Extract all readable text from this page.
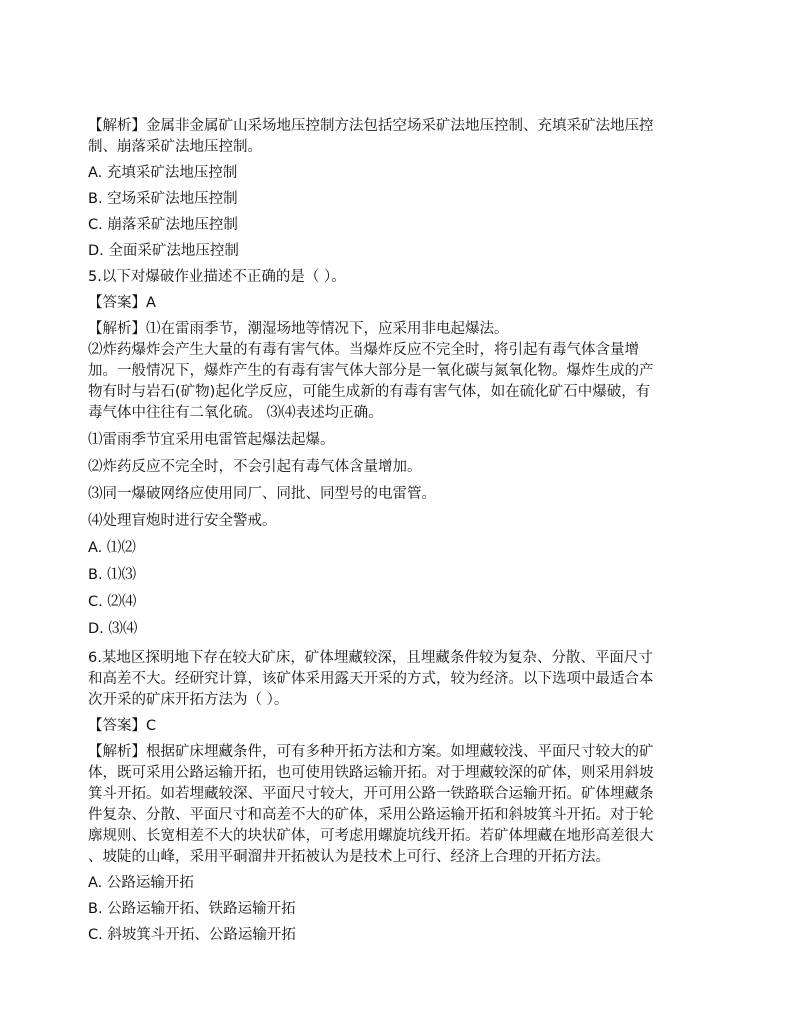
【解析】金属非金属矿山采场地压控制方法包括空场采矿法地压控制、充填采矿法地压控
制、崩落采矿法地压控制。
A. 充填采矿法地压控制
B. 空场采矿法地压控制
C. 崩落采矿法地压控制
D. 全面采矿法地压控制
5.以下对爆破作业描述不正确的是（ ）。
【答案】A
【解析】⑴在雷雨季节，潮湿场地等情况下，应采用非电起爆法。
⑵炸药爆炸会产生大量的有毒有害气体。当爆炸反应不完全时，将引起有毒气体含量增
加。一般情况下，爆炸产生的有毒有害气体大部分是一氧化碳与氮氧化物。爆炸生成的产
物有时与岩石(矿物)起化学反应，可能生成新的有毒有害气体，如在硫化矿石中爆破，有
毒气体中往往有二氧化硫。 ⑶⑷表述均正确。
⑴雷雨季节宜采用电雷管起爆法起爆。
⑵炸药反应不完全时，不会引起有毒气体含量增加。
⑶同一爆破网络应使用同厂、同批、同型号的电雷管。
⑷处理盲炮时进行安全警戒。
A. ⑴⑵
B. ⑴⑶
C. ⑵⑷
D. ⑶⑷
6.某地区探明地下存在较大矿床，矿体埋藏较深，且埋藏条件较为复杂、分散、平面尺寸
和高差不大。经研究计算，该矿体采用露天开采的方式，较为经济。以下选项中最适合本
次开采的矿床开拓方法为（ ）。
【答案】C
【解析】根据矿床埋藏条件，可有多种开拓方法和方案。如埋藏较浅、平面尺寸较大的矿
体，既可采用公路运输开拓，也可使用铁路运输开拓。对于埋藏较深的矿体，则采用斜坡
箕斗开拓。如若埋藏较深、平面尺寸较大，开可用公路一铁路联合运输开拓。矿体埋藏条
件复杂、分散、平面尺寸和高差不大的矿体，采用公路运输开拓和斜坡箕斗开拓。对于轮
廓规则、长宽相差不大的块状矿体，可考虑用螺旋坑线开拓。若矿体埋藏在地形高差很大
、坡陡的山峰，采用平硐溜井开拓被认为是技术上可行、经济上合理的开拓方法。
A. 公路运输开拓
B. 公路运输开拓、铁路运输开拓
C. 斜坡箕斗开拓、公路运输开拓
